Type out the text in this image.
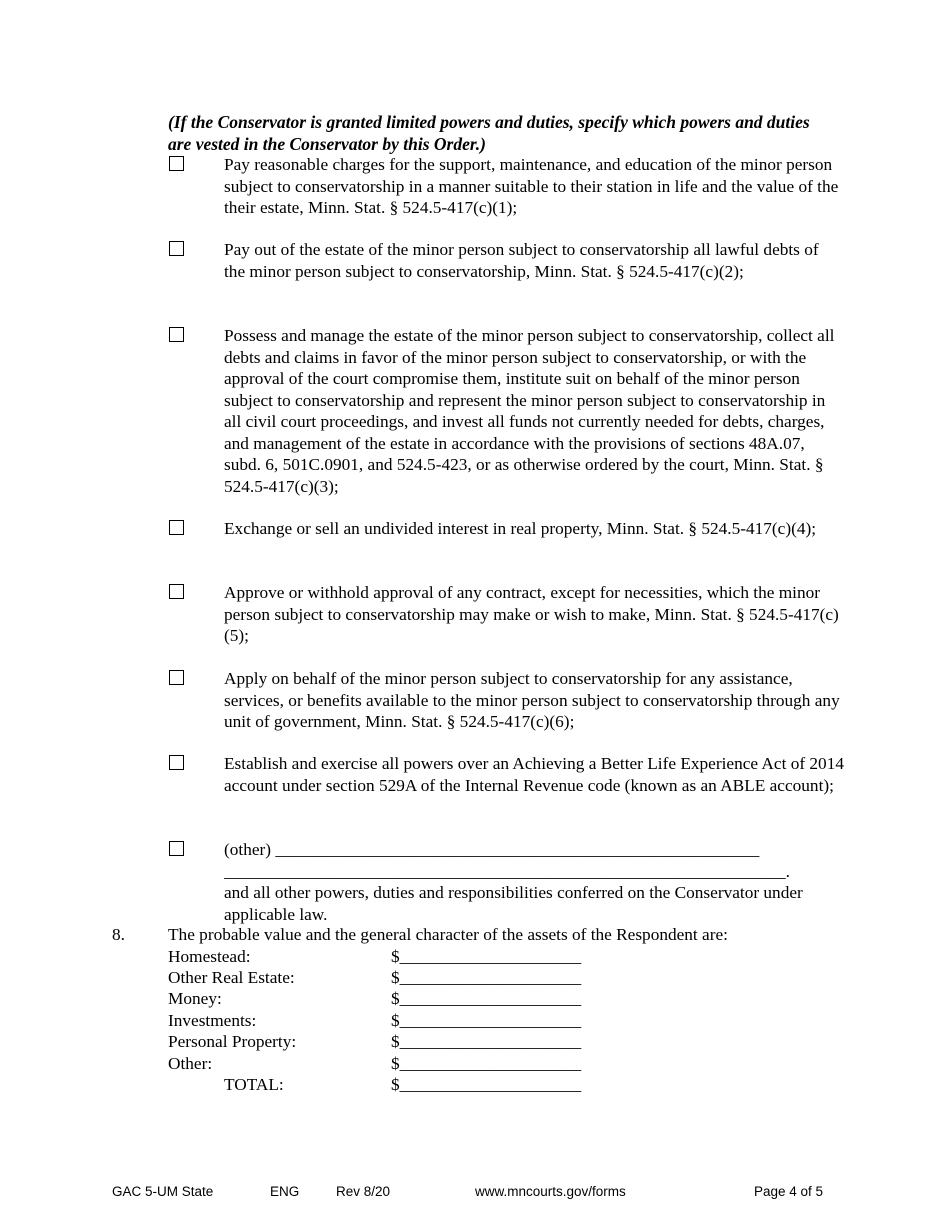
(If the Conservator is granted limited powers and duties, specify which powers and duties are vested in the Conservator by this Order.)
Pay reasonable charges for the support, maintenance, and education of the minor person subject to conservatorship in a manner suitable to their station in life and the value of the their estate, Minn. Stat. § 524.5-417(c)(1);
Pay out of the estate of the minor person subject to conservatorship all lawful debts of the minor person subject to conservatorship, Minn. Stat. § 524.5-417(c)(2);
Possess and manage the estate of the minor person subject to conservatorship, collect all debts and claims in favor of the minor person subject to conservatorship, or with the approval of the court compromise them, institute suit on behalf of the minor person subject to conservatorship and represent the minor person subject to conservatorship in all civil court proceedings, and invest all funds not currently needed for debts, charges, and management of the estate in accordance with the provisions of sections 48A.07, subd. 6, 501C.0901, and 524.5-423, or as otherwise ordered by the court, Minn. Stat. § 524.5-417(c)(3);
Exchange or sell an undivided interest in real property, Minn. Stat. § 524.5-417(c)(4);
Approve or withhold approval of any contract, except for necessities, which the minor person subject to conservatorship may make or wish to make, Minn. Stat. § 524.5-417(c)(5);
Apply on behalf of the minor person subject to conservatorship for any assistance, services, or benefits available to the minor person subject to conservatorship through any unit of government, Minn. Stat. § 524.5-417(c)(6);
Establish and exercise all powers over an Achieving a Better Life Experience Act of 2014 account under section 529A of the Internal Revenue code (known as an ABLE account);
(other) ________________________________________________________
_________________________________________________________________.
and all other powers, duties and responsibilities conferred on the Conservator under applicable law.
8. The probable value and the general character of the assets of the Respondent are:
Homestead:	$_____________________
Other Real Estate:	$_____________________
Money:	$_____________________
Investments:	$_____________________
Personal Property:	$_____________________
Other:	$_____________________
TOTAL:	$_____________________
GAC 5-UM State	ENG	Rev 8/20	www.mncourts.gov/forms	Page 4 of 5
